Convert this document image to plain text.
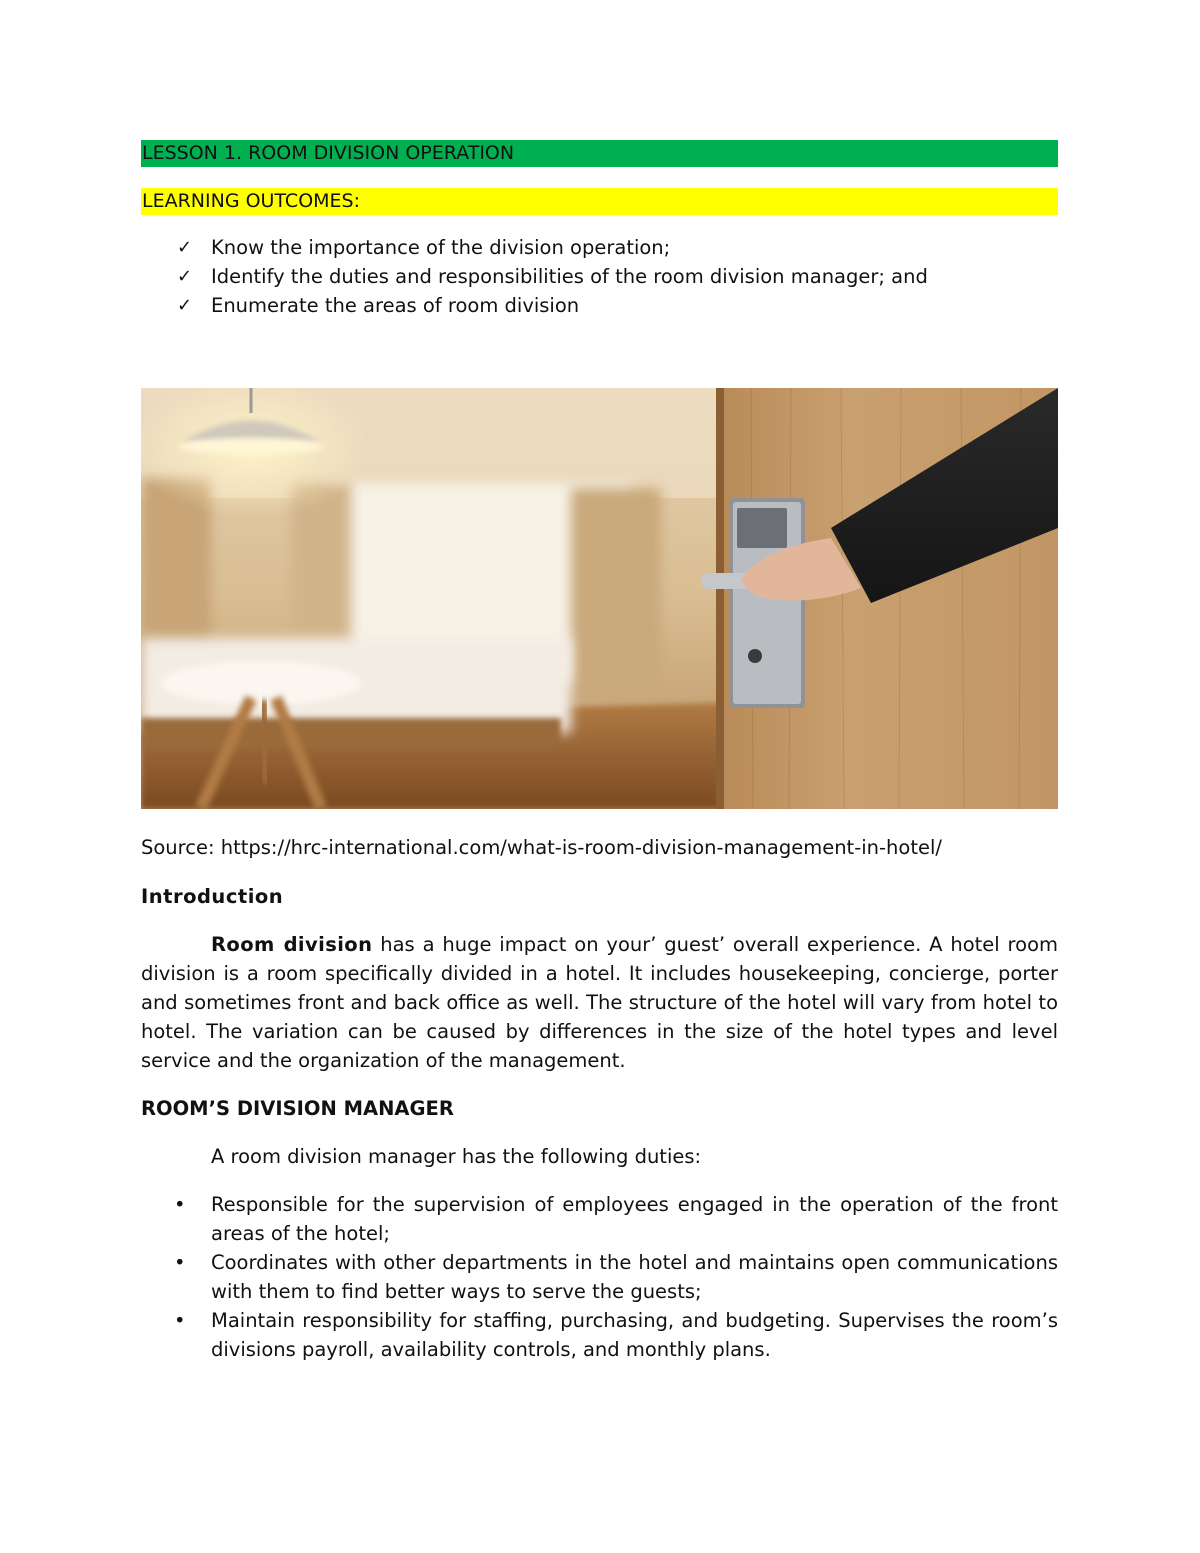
LESSON 1. ROOM DIVISION OPERATION
LEARNING OUTCOMES:
✓ Know the importance of the division operation;
✓ Identify the duties and responsibilities of the room division manager; and
✓ Enumerate the areas of room division
Source: https://hrc-international.com/what-is-room-division-management-in-hotel/
Introduction

Room division has a huge impact on your’ guest’ overall experience. A hotel room division is a room specifically divided in a hotel. It includes housekeeping, concierge, porter and sometimes front and back office as well. The structure of the hotel will vary from hotel to hotel. The variation can be caused by differences in the size of the hotel types and level service and the organization of the management.

ROOM’S DIVISION MANAGER
A room division manager has the following duties:
• Responsible for the supervision of employees engaged in the operation of the front areas of the hotel;
• Coordinates with other departments in the hotel and maintains open communications with them to find better ways to serve the guests;
• Maintain responsibility for staffing, purchasing, and budgeting. Supervises the room’s divisions payroll, availability controls, and monthly plans.
